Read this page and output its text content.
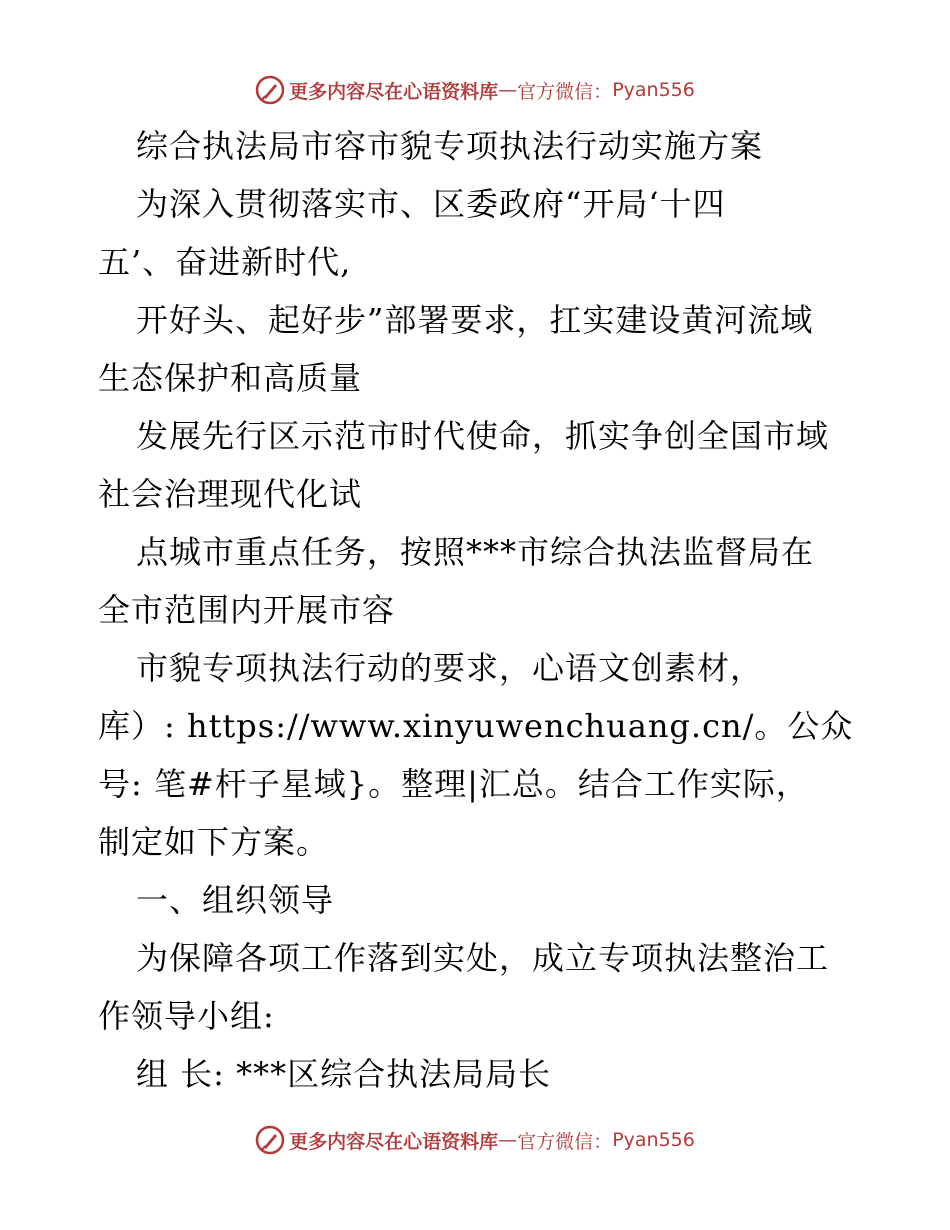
更多内容尽在心语资料库 — 官方微信： Pyan556
综合执法局市容市貌专项执法行动实施方案
为深入贯彻落实市、区委政府“开局‘十四
五’、奋进新时代,
开好头、起好步”部署要求，扛实建设黄河流域
生态保护和高质量
发展先行区示范市时代使命，抓实争创全国市域
社会治理现代化试
点城市重点任务，按照***市综合执法监督局在
全市范围内开展市容
市貌专项执法行动的要求，心语文创素材，
库）: https://www.xinyuwenchuang.cn/。公众
号: 笔#杆子星域}。整理|汇总。结合工作实际，
制定如下方案。
一、组织领导
为保障各项工作落到实处，成立专项执法整治工
作领导小组:
组 长: ***区综合执法局局长
更多内容尽在心语资料库 — 官方微信： Pyan556
